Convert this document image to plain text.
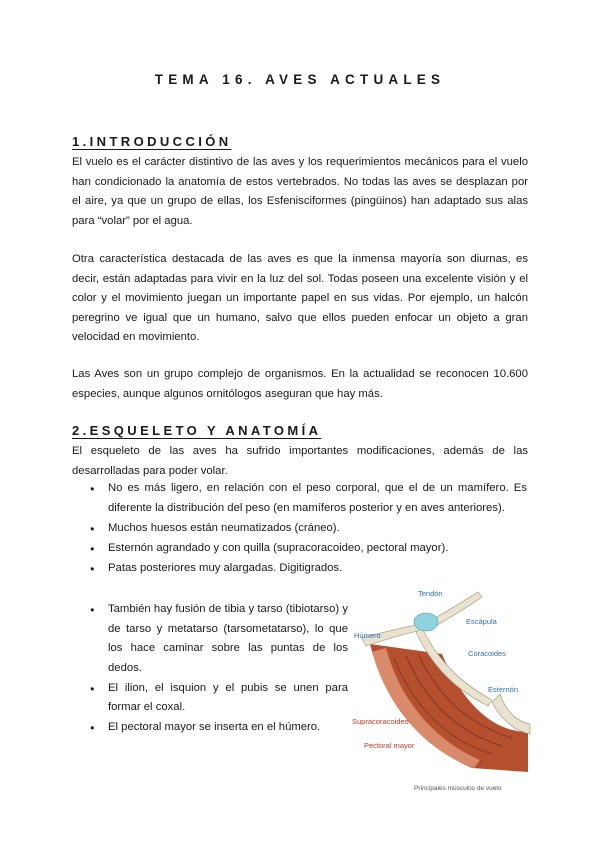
TEMA 16. AVES ACTUALES
1.INTRODUCCIÓN

El vuelo es el carácter distintivo de las aves y los requerimientos mecánicos para el vuelo han condicionado la anatomía de estos vertebrados. No todas las aves se desplazan por el aire, ya que un grupo de ellas, los Esfenisciformes (pingüinos) han adaptado sus alas para “volar” por el agua.

Otra característica destacada de las aves es que la inmensa mayoría son diurnas, es decir, están adaptadas para vivir en la luz del sol. Todas poseen una excelente visión y el color y el movimiento juegan un importante papel en sus vidas. Por ejemplo, un halcón peregrino ve igual que un humano, salvo que ellos pueden enfocar un objeto a gran velocidad en movimiento.

Las Aves son un grupo complejo de organismos. En la actualidad se reconocen 10.600 especies, aunque algunos ornitólogos aseguran que hay más.

2.ESQUELETO Y ANATOMÍA

El esqueleto de las aves ha sufrido importantes modificaciones, además de las desarrolladas para poder volar.

● No es más ligero, en relación con el peso corporal, que el de un mamífero. Es diferente la distribución del peso (en mamíferos posterior y en aves anteriores).
● Muchos huesos están neumatizados (cráneo).
● Esternón agrandado y con quilla (supracoracoideo, pectoral mayor).
● Patas posteriores muy alargadas. Digitigrados.
● También hay fusión de tibia y tarso (tibiotarso) y de tarso y metatarso (tarsometatarso), lo que los hace caminar sobre las puntas de los dedos.
● El ilion, el isquion y el pubis se unen para formar el coxal.
● El pectoral mayor se inserta en el húmero.
Tendón
Húmero
Escápula
Coracoides
Esternón
Supracoracoideo
Pectoral mayor
Principales músculos de vuelo
